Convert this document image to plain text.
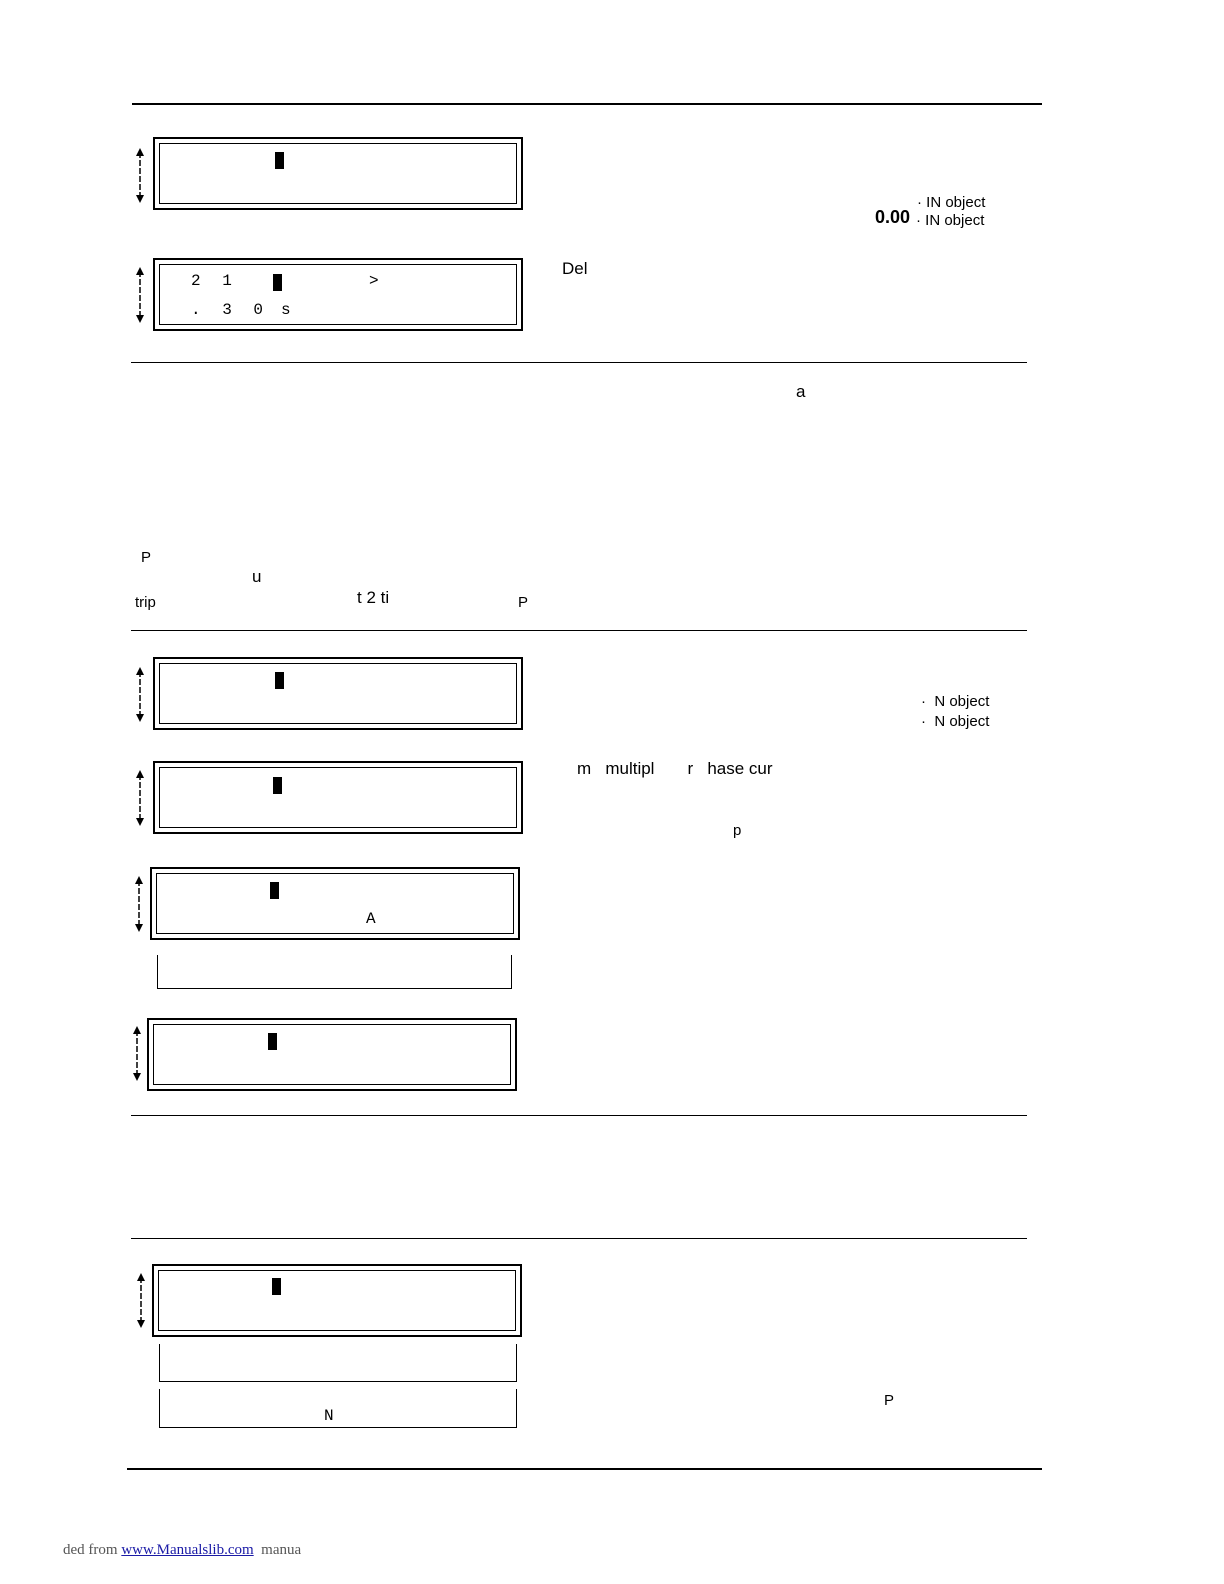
2 1	>
. 3 0 s
· IN object
0.00 · IN object
Del
a
P
u
trip	t 2 ti	P
·  N object
·  N object
m   multipl       r   hase cur
p
A
N
P
ded from www.Manualslib.com  manua
